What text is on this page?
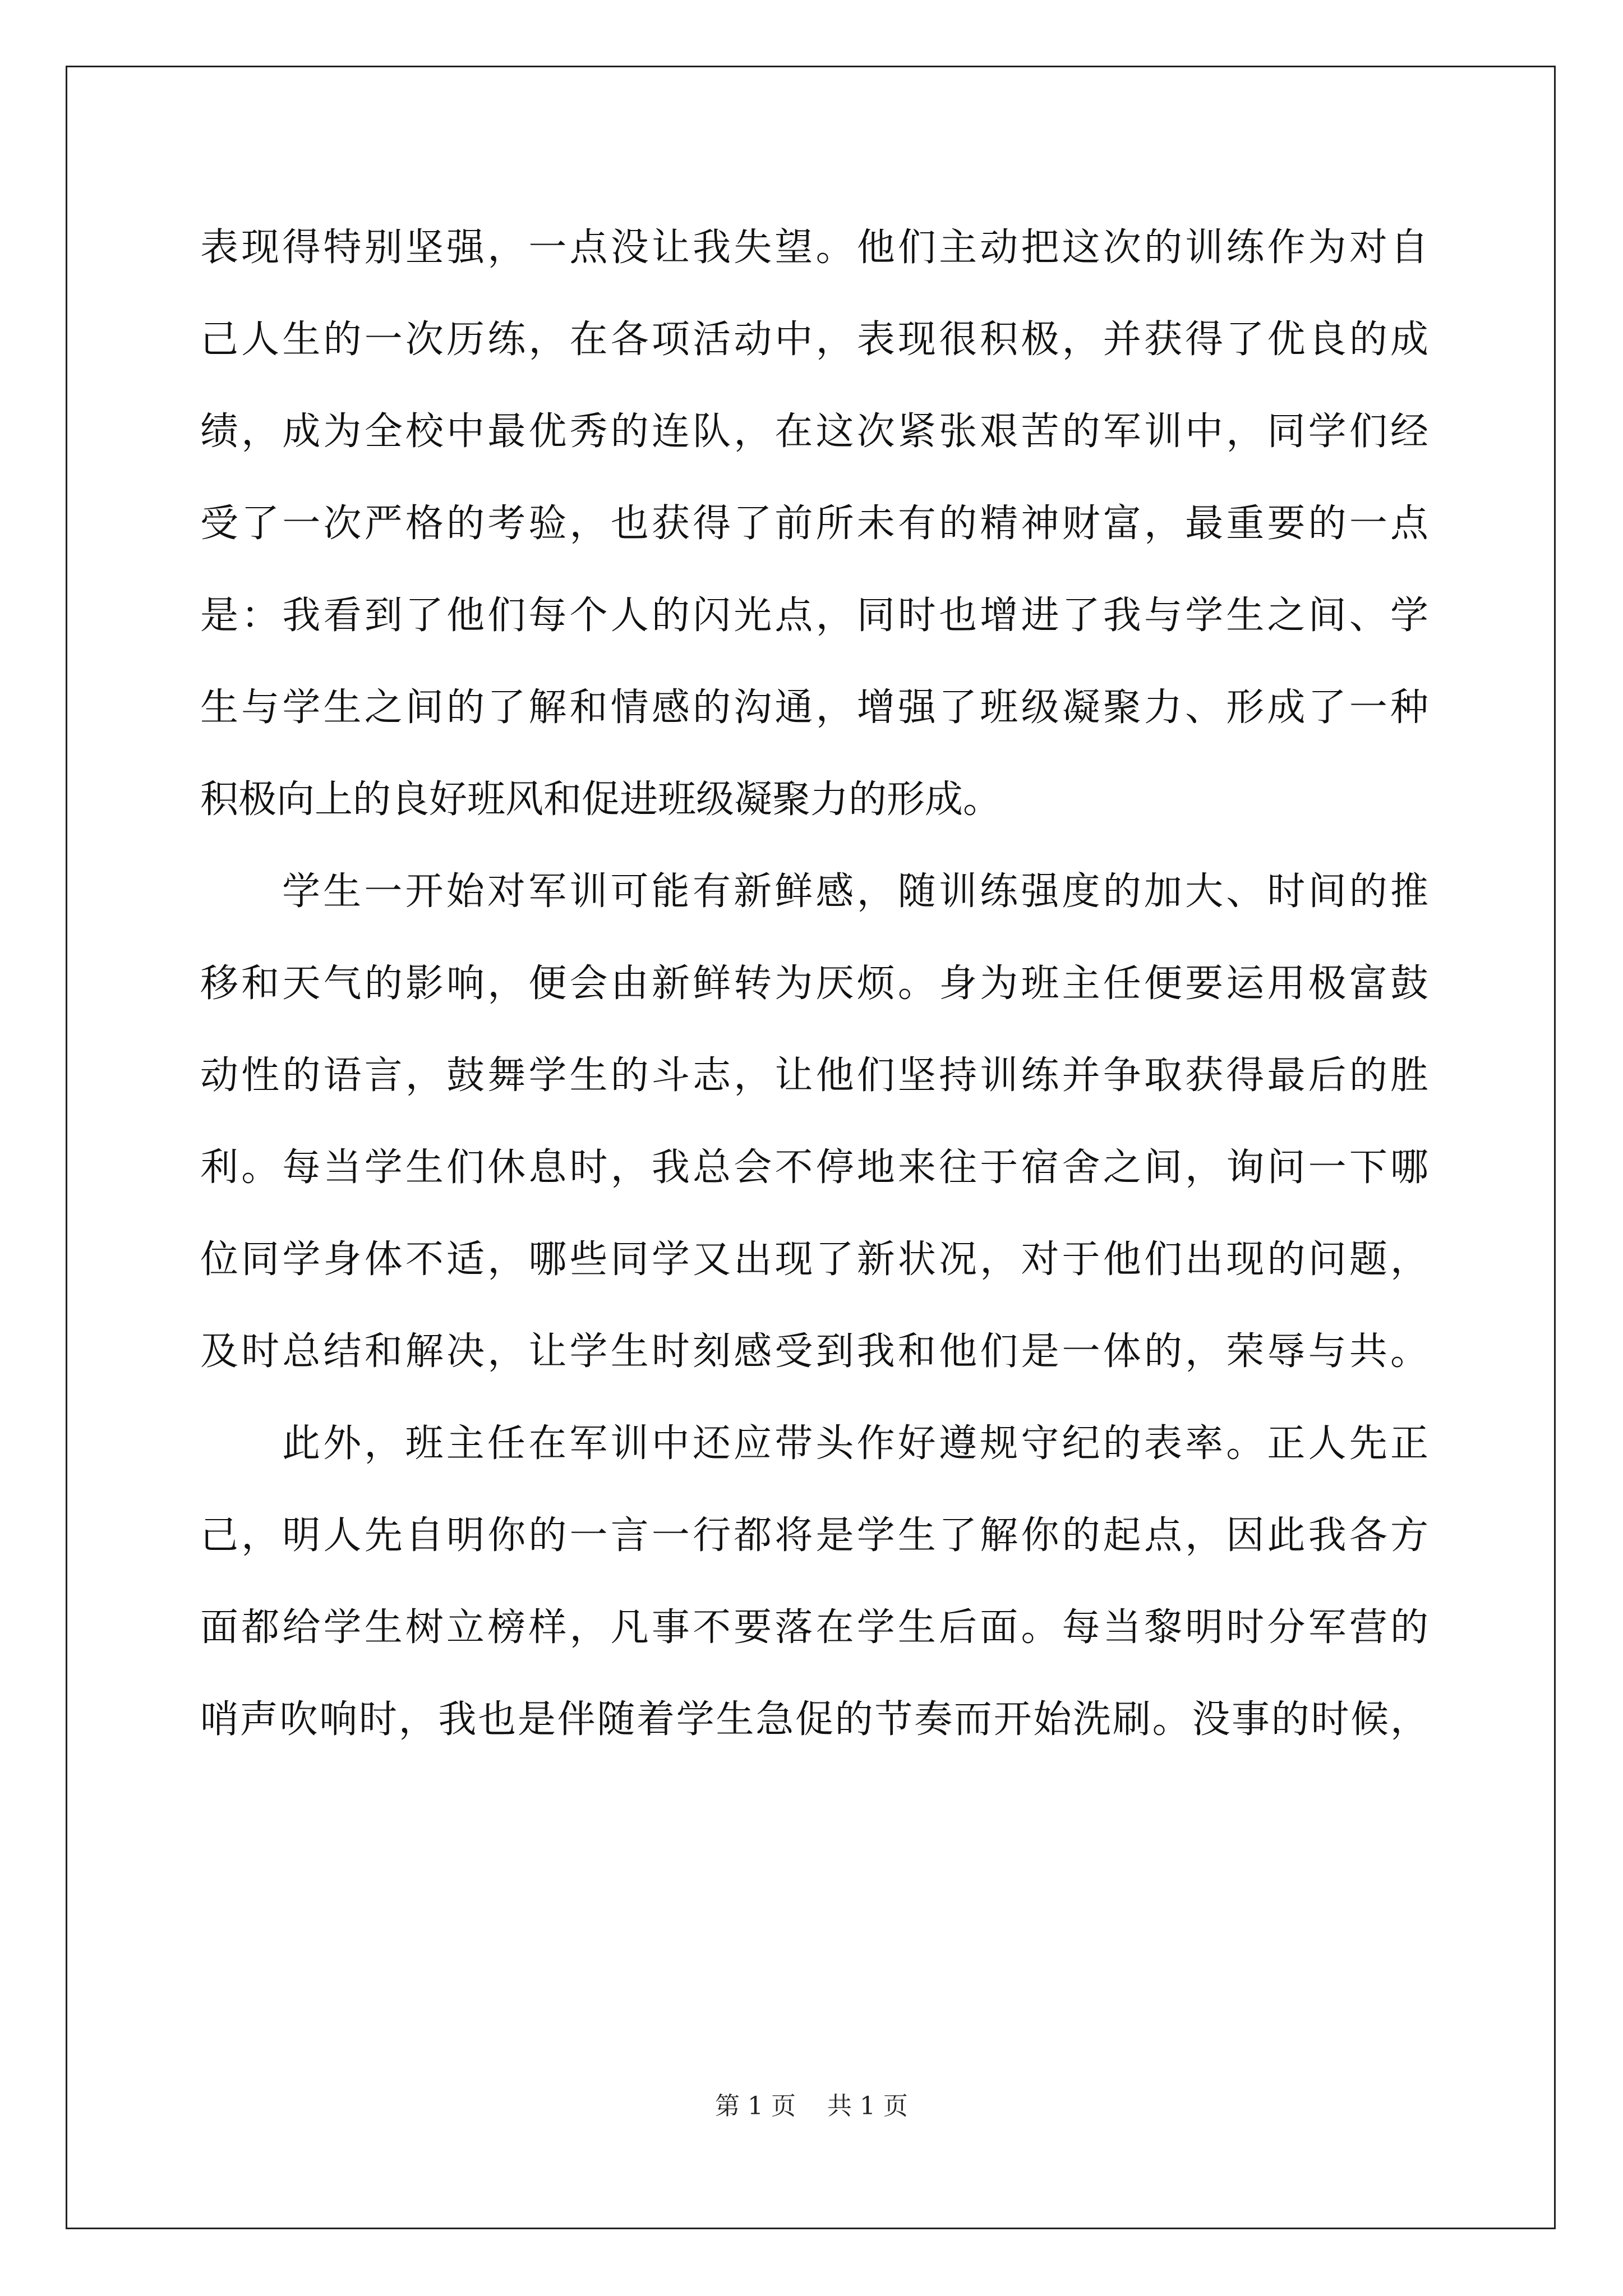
表现得特别坚强，一点没让我失望。他们主动把这次的训练作为对自
己人生的一次历练，在各项活动中，表现很积极，并获得了优良的成
绩，成为全校中最优秀的连队，在这次紧张艰苦的军训中，同学们经
受了一次严格的考验，也获得了前所未有的精神财富，最重要的一点
是：我看到了他们每个人的闪光点，同时也增进了我与学生之间、学
生与学生之间的了解和情感的沟通，增强了班级凝聚力、形成了一种
积极向上的良好班风和促进班级凝聚力的形成。
学生一开始对军训可能有新鲜感，随训练强度的加大、时间的推
移和天气的影响，便会由新鲜转为厌烦。身为班主任便要运用极富鼓
动性的语言，鼓舞学生的斗志，让他们坚持训练并争取获得最后的胜
利。每当学生们休息时，我总会不停地来往于宿舍之间，询问一下哪
位同学身体不适，哪些同学又出现了新状况，对于他们出现的问题，
及时总结和解决，让学生时刻感受到我和他们是一体的，荣辱与共。
此外，班主任在军训中还应带头作好遵规守纪的表率。正人先正
己，明人先自明你的一言一行都将是学生了解你的起点，因此我各方
面都给学生树立榜样，凡事不要落在学生后面。每当黎明时分军营的
哨声吹响时，我也是伴随着学生急促的节奏而开始洗刷。没事的时候，
第 1 页    共 1 页
